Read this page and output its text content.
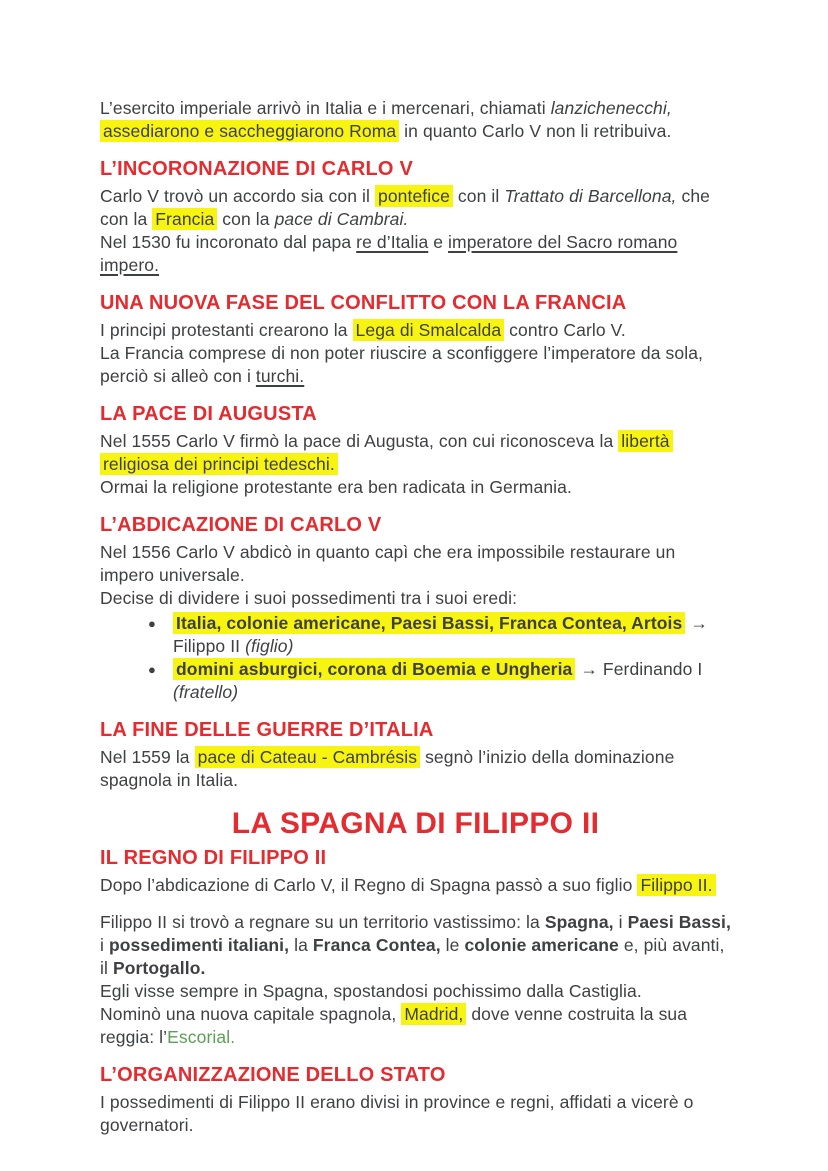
L’esercito imperiale arrivò in Italia e i mercenari, chiamati lanzichenecchi, assediarono e saccheggiarono Roma in quanto Carlo V non li retribuiva.

L’INCORONAZIONE DI CARLO V

Carlo V trovò un accordo sia con il pontefice con il Trattato di Barcellona, che con la Francia con la pace di Cambrai.
Nel 1530 fu incoronato dal papa re d’Italia e imperatore del Sacro romano impero.

UNA NUOVA FASE DEL CONFLITTO CON LA FRANCIA

I principi protestanti crearono la Lega di Smalcalda contro Carlo V.
La Francia comprese di non poter riuscire a sconfiggere l’imperatore da sola, perciò si alleò con i turchi.

LA PACE DI AUGUSTA

Nel 1555 Carlo V firmò la pace di Augusta, con cui riconosceva la libertà religiosa dei principi tedeschi.
Ormai la religione protestante era ben radicata in Germania.

L’ABDICAZIONE DI CARLO V

Nel 1556 Carlo V abdicò in quanto capì che era impossibile restaurare un impero universale.
Decise di dividere i suoi possedimenti tra i suoi eredi:

●	Italia, colonie americane, Paesi Bassi, Franca Contea, Artois → Filippo II (figlio)
●	domini asburgici, corona di Boemia e Ungheria → Ferdinando I (fratello)
LA FINE DELLE GUERRE D’ITALIA

Nel 1559 la pace di Cateau - Cambrésis segnò l’inizio della dominazione spagnola in Italia.

LA SPAGNA DI FILIPPO II
IL REGNO DI FILIPPO II

Dopo l’abdicazione di Carlo V, il Regno di Spagna passò a suo figlio Filippo II.

Filippo II si trovò a regnare su un territorio vastissimo: la Spagna, i Paesi Bassi, i possedimenti italiani, la Franca Contea, le colonie americane e, più avanti, il Portogallo.
Egli visse sempre in Spagna, spostandosi pochissimo dalla Castiglia.
Nominò una nuova capitale spagnola, Madrid, dove venne costruita la sua reggia: l’Escorial.

L’ORGANIZZAZIONE DELLO STATO

I possedimenti di Filippo II erano divisi in province e regni, affidati a vicerè o governatori.
